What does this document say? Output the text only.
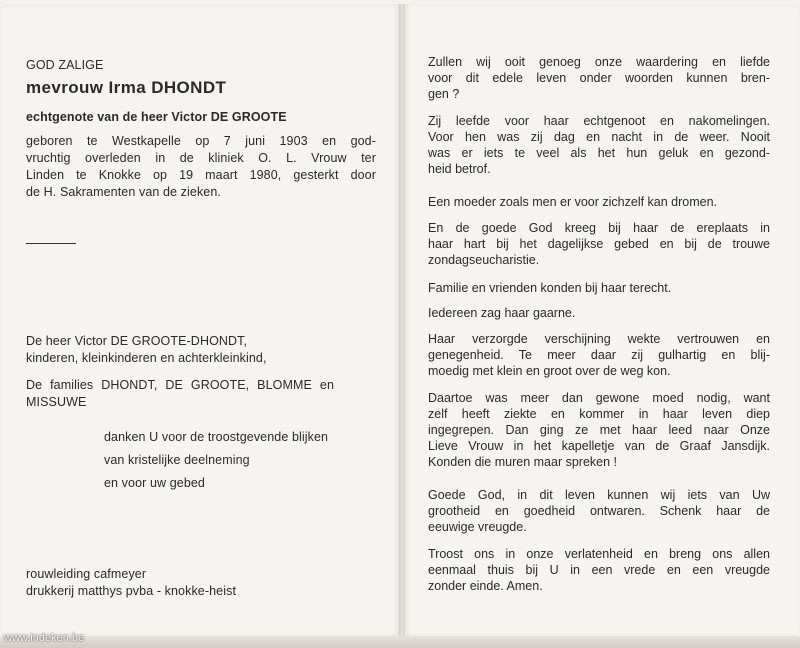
GOD ZALIGE
mevrouw Irma DHONDT
echtgenote van de heer Victor DE GROOTE
geboren te Westkapelle op 7 juni 1903 en god-
vruchtig overleden in de kliniek O. L. Vrouw ter
Linden te Knokke op 19 maart 1980, gesterkt door
de H. Sakramenten van de zieken.
De heer Victor DE GROOTE-DHONDT,
kinderen, kleinkinderen en achterkleinkind,
De families DHONDT, DE GROOTE, BLOMME en
MISSUWE
danken U voor de troostgevende blijken
van kristelijke deelneming
en voor uw gebed
rouwleiding cafmeyer
drukkerij matthys pvba - knokke-heist
Zullen wij ooit genoeg onze waardering en liefde
voor dit edele leven onder woorden kunnen bren-
gen ?
Zij leefde voor haar echtgenoot en nakomelingen.
Voor hen was zij dag en nacht in de weer. Nooit
was er iets te veel als het hun geluk en gezond-
heid betrof.
Een moeder zoals men er voor zichzelf kan dromen.
En de goede God kreeg bij haar de ereplaats in
haar hart bij het dagelijkse gebed en bij de trouwe
zondagseucharistie.
Familie en vrienden konden bij haar terecht.
Iedereen zag haar gaarne.
Haar verzorgde verschijning wekte vertrouwen en
genegenheid. Te meer daar zij gulhartig en blij-
moedig met klein en groot over de weg kon.
Daartoe was meer dan gewone moed nodig, want
zelf heeft ziekte en kommer in haar leven diep
ingegrepen. Dan ging ze met haar leed naar Onze
Lieve Vrouw in het kapelletje van de Graaf Jansdijk.
Konden die muren maar spreken !
Goede God, in dit leven kunnen wij iets van Uw
grootheid en goedheid ontwaren. Schenk haar de
eeuwige vreugde.
Troost ons in onze verlatenheid en breng ons allen
eenmaal thuis bij U in een vrede en een vreugde
zonder einde. Amen.
www.indeken.be
